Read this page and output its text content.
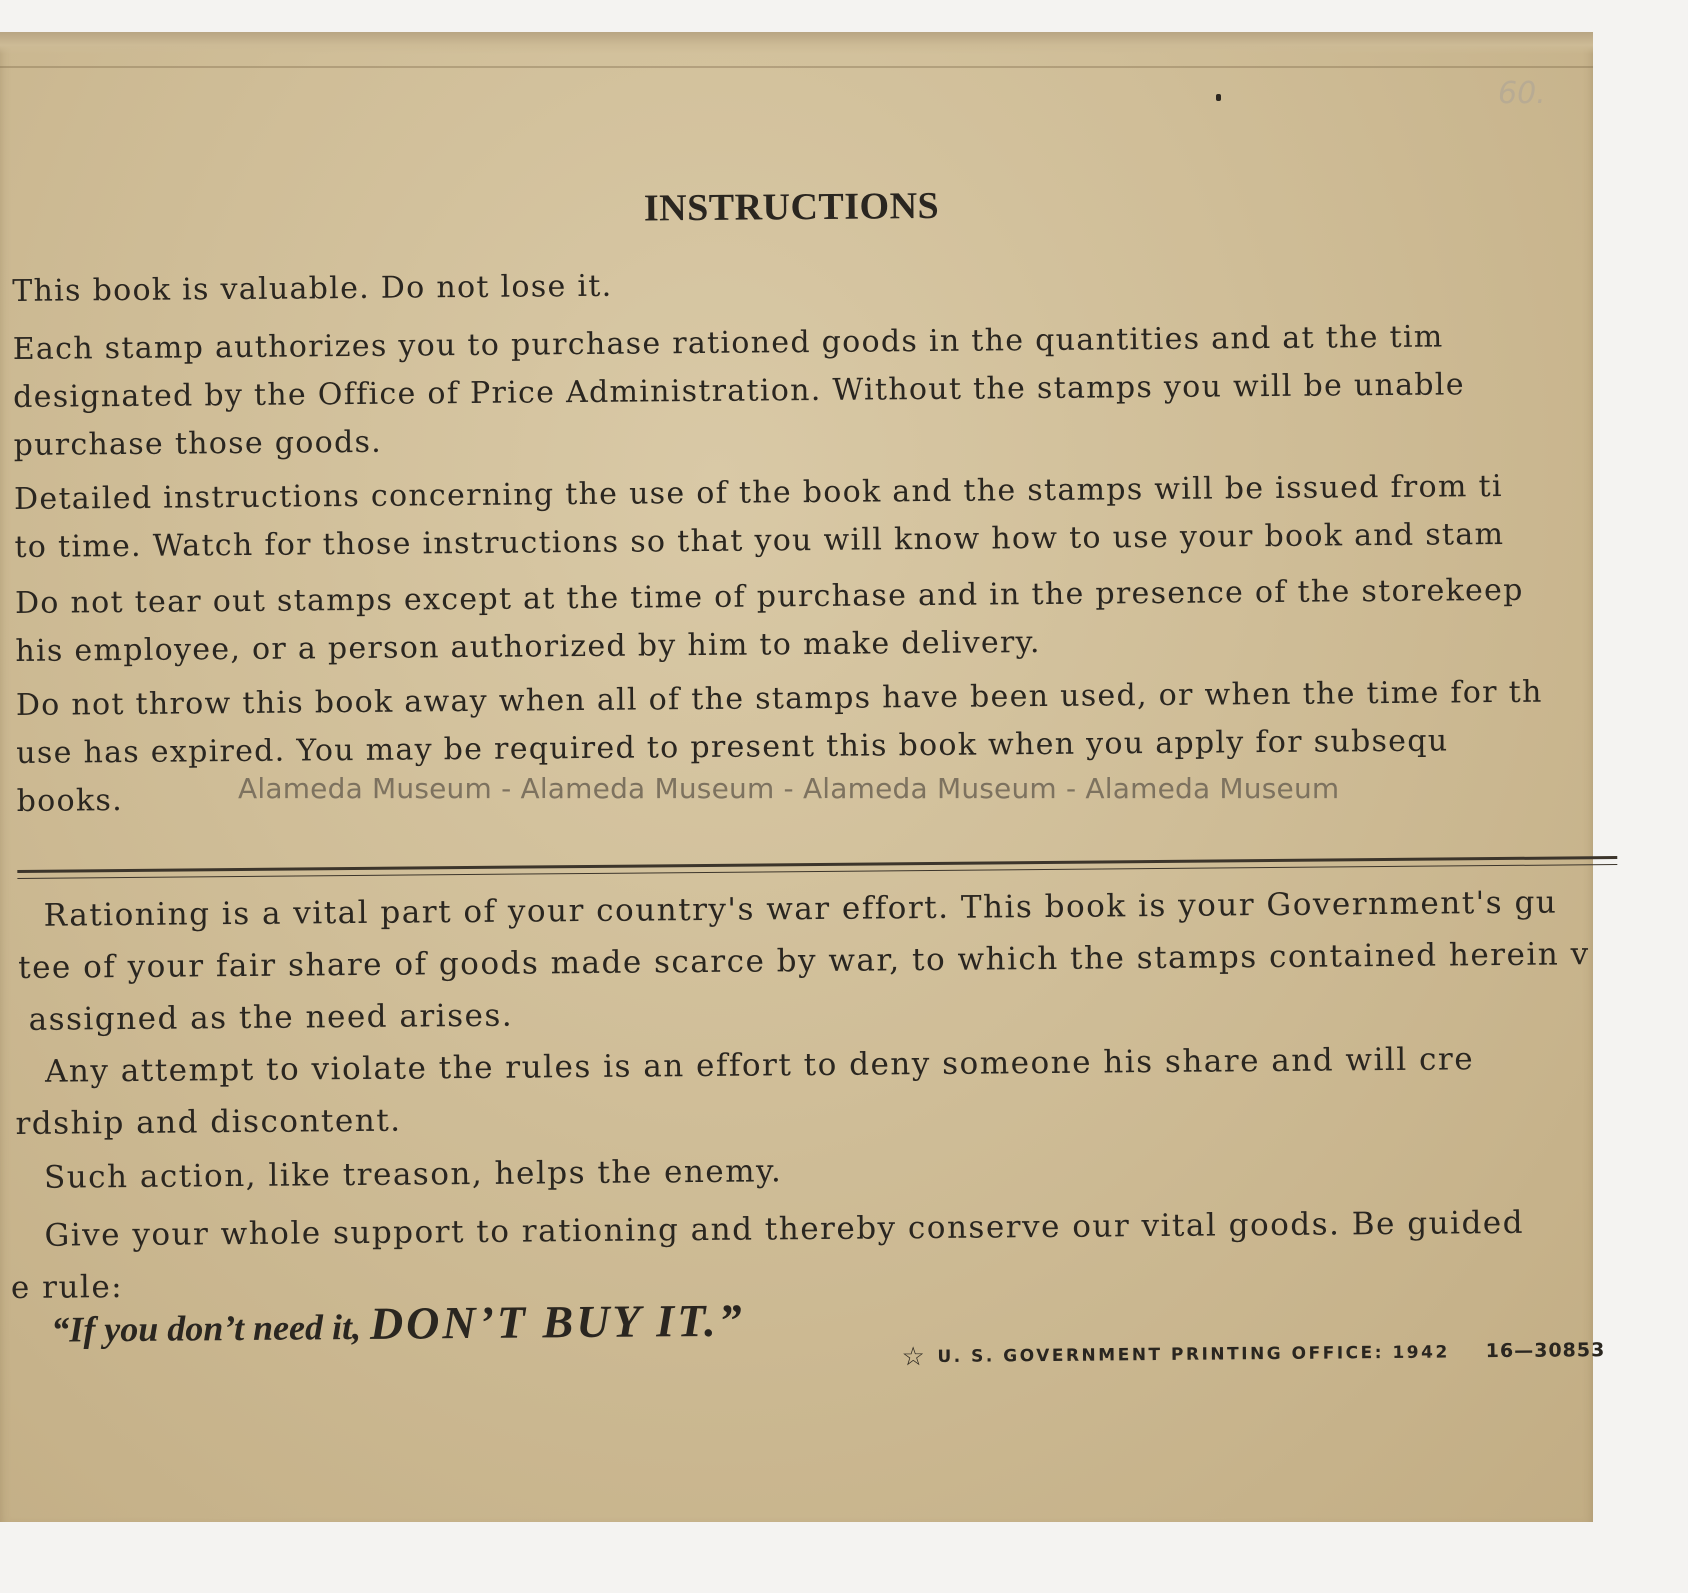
60.
INSTRUCTIONS

This book is valuable. Do not lose it.

Each stamp authorizes you to purchase rationed goods in the quantities and at the tim
designated by the Office of Price Administration. Without the stamps you will be unable
purchase those goods.

Detailed instructions concerning the use of the book and the stamps will be issued from ti
to time. Watch for those instructions so that you will know how to use your book and stam

Do not tear out stamps except at the time of purchase and in the presence of the storekeep
his employee, or a person authorized by him to make delivery.

Do not throw this book away when all of the stamps have been used, or when the time for th
use has expired. You may be required to present this book when you apply for subsequ
books.

Rationing is a vital part of your country's war effort. This book is your Government's gu
tee of your fair share of goods made scarce by war, to which the stamps contained herein v
assigned as the need arises.

Any attempt to violate the rules is an effort to deny someone his share and will cre
rdship and discontent.

Such action, like treason, helps the enemy.

Give your whole support to rationing and thereby conserve our vital goods. Be guided
e rule:

“If you don’t need it, DON’T BUY IT.”
☆ U. S. GOVERNMENT PRINTING OFFICE: 1942 16—30853
Alameda Museum - Alameda Museum - Alameda Museum - Alameda Museum
